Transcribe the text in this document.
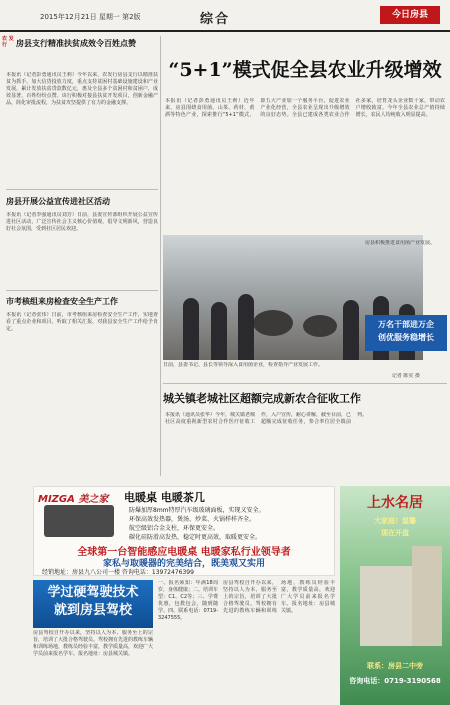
2015年12月21日 星期一 第2版	综合	今日房县
农 发 行	房县支行精准扶贫成效令百姓点赞
本报讯（记者彭勇通讯员王莉）今年以来，农发行房县支行以精准扶贫为抓手，加大信贷投放力度，重点支持贫困村基础设施建设和产业发展，累计发放扶贫贷款数亿元，惠及全县多个贫困村和贫困户，成效显著，百姓纷纷点赞。该行积极对接县扶贫开发项目，创新金融产品，简化审批流程，为扶贫攻坚提供了有力的金融支撑。
房县开展公益宣传进社区活动
本报讯（记者李强通讯员刘芳）日前，县委宣传部组织开展公益宣传进社区活动，广泛宣传社会主义核心价值观，倡导文明新风，营造良好社会氛围，受到社区居民欢迎。
市考核组来房检查安全生产工作
本报讯（记者张伟）日前，市考核组来房检查安全生产工作，实地查看了重点企业和项目，听取了相关汇报，对我县安全生产工作给予肯定。
“5+1”模式促全县农业升级增效
本报讯（记者彭勇通讯员王莉）近年来，房县围绕食用菌、山茶、药材、黄酒等特色产业，探索推行“5+1”模式，即五大产业加一个服务平台，促进农业产业化经营，全县农业呈现出升级增效的良好态势。全县已建成各类农业合作社多家，培育龙头企业数十家，带动农户增收致富。今年全县农业总产值持续增长，农民人均纯收入明显提高。
日前，县委书记、县长等领导深入食用菌企业，检查指导产业发展工作。
记者 陈实 摄
房县积极推进食用菌产业发展。
万名干部进万企
创优服务稳增长
城关镇老城社区超额完成新农合征收工作
本报讯（通讯员张华）今年，城关镇老城社区高度重视新型农村合作医疗征收工作，入户宣传，耐心讲解，截至目前，已超额完成征收任务，参合率位居全镇前列。
MIZGA 美之家 电暖桌 电暖茶几
防爆加厚8mm特厚汽车级玻璃面板，实现又安全。
环保高效发热器，煲汤、炒菜、火锅样样齐全。
航空级铝合金支柱，环保更安全。
碳化硅防滑高发热，稳定时更高效，取暖更安全。
全球第一台智能感应电暖桌 电暖家私行业领导者
家私与取暖器的完美结合，既美观又实用
经销地址：房县九八公司一楼 咨询电话：13972476399
上水名居
大家庭！温馨
现在开盘
联系：房县二中旁
咨询电话：0719-3190568
学过硬驾驶技术
就到房县驾校
房县驾校自开办以来，坚持以人为本、服务至上的宗旨，培训了大批合格驾驶员。驾校拥有先进的教练车辆和训练场地，教练员经验丰富，教学质量高，欢迎广大学员前来报名学车。报名地址：房县城关镇。
一、报名须知：年满18周岁，身体健康；二、培训车型：C1、C2等；三、学费优惠，包教包会，随到随学。四、联系电话：0719-3247555。
房县驾校自开办以来，坚持以人为本、服务至上的宗旨，培训了大批合格驾驶员。驾校拥有先进的教练车辆和训练场地，教练员经验丰富，教学质量高，欢迎广大学员前来报名学车。报名地址：房县城关镇。
